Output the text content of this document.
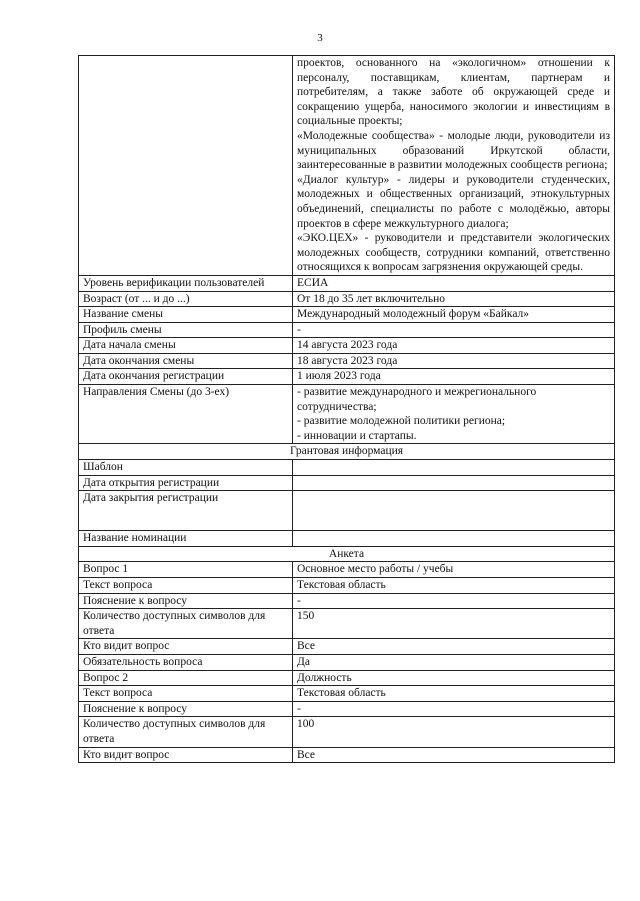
3

	проектов, основанного на «экологичном» отношении к персоналу, поставщикам, клиентам, партнерам и потребителям, а также заботе об окружающей среде и сокращению ущерба, наносимого экологии и инвестициям в социальные проекты;

«Молодежные сообщества» - молодые люди, руководители из муниципальных образований Иркутской области, заинтересованные в развитии молодежных сообществ региона;

«Диалог культур» - лидеры и руководители студенческих, молодежных и общественных организаций, этнокультурных объединений, специалисты по работе с молодёжью, авторы проектов в сфере межкультурного диалога;

«ЭКО.ЦЕХ» - руководители и представители экологических молодежных сообществ, сотрудники компаний, ответственно относящихся к вопросам загрязнения окружающей среды.

Уровень верификации пользователей	ЕСИА
Возраст (от ... и до ...)	От 18 до 35 лет включительно
Название смены	Международный молодежный форум «Байкал»
Профиль смены	-
Дата начала смены	14 августа 2023 года
Дата окончания смены	18 августа 2023 года
Дата окончания регистрации	1 июля 2023 года
Направления Смены (до 3-ех)	- развитие международного и межрегионального сотрудничества;
- развитие молодежной политики региона;
- инновации и стартапы.

Грантовая информация	
Шаблон	
Дата открытия регистрации	
Дата закрытия регистрации	
Название номинации	
Анкета	
Вопрос 1	Основное место работы / учебы
Текст вопроса	Текстовая область
Пояснение к вопросу	-
Количество доступных символов для ответа	150
Кто видит вопрос	Все
Обязательность вопроса	Да
Вопрос 2	Должность
Текст вопроса	Текстовая область
Пояснение к вопросу	-
Количество доступных символов для ответа	100
Кто видит вопрос	Все
